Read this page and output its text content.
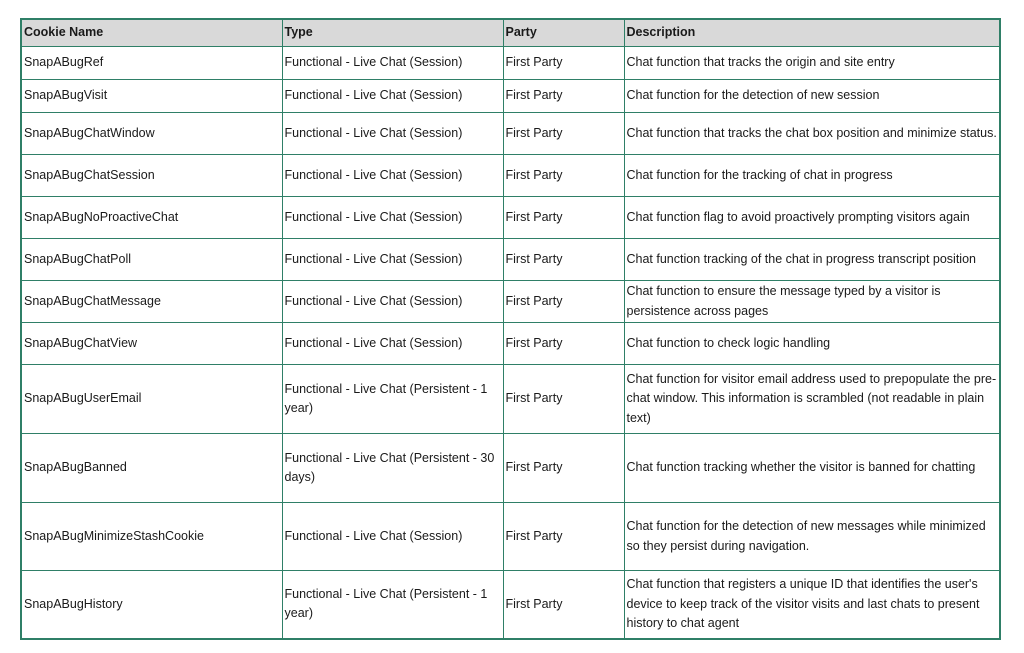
Cookie Name	Type	Party	Description
SnapABugRef	Functional - Live Chat (Session)	First Party	Chat function that tracks the origin and site entry
SnapABugVisit	Functional - Live Chat (Session)	First Party	Chat function for the detection of new session
SnapABugChatWindow	Functional - Live Chat (Session)	First Party	Chat function that tracks the chat box position and minimize status.
SnapABugChatSession	Functional - Live Chat (Session)	First Party	Chat function for the tracking of chat in progress
SnapABugNoProactiveChat	Functional - Live Chat (Session)	First Party	Chat function flag to avoid proactively prompting visitors again
SnapABugChatPoll	Functional - Live Chat (Session)	First Party	Chat function tracking of the chat in progress transcript position
SnapABugChatMessage	Functional - Live Chat (Session)	First Party	Chat function to ensure the message typed by a visitor is persistence across pages
SnapABugChatView	Functional - Live Chat (Session)	First Party	Chat function to check logic handling
SnapABugUserEmail	Functional - Live Chat (Persistent - 1 year)	First Party	Chat function for visitor email address used to prepopulate the pre-chat window. This information is scrambled (not readable in plain text)
SnapABugBanned	Functional - Live Chat (Persistent - 30 days)	First Party	Chat function tracking whether the visitor is banned for chatting
SnapABugMinimizeStashCookie	Functional - Live Chat (Session)	First Party	Chat function for the detection of new messages while minimized so they persist during navigation.
SnapABugHistory	Functional - Live Chat (Persistent - 1 year)	First Party	Chat function that registers a unique ID that identifies the user's device to keep track of the visitor visits and last chats to present history to chat agent
